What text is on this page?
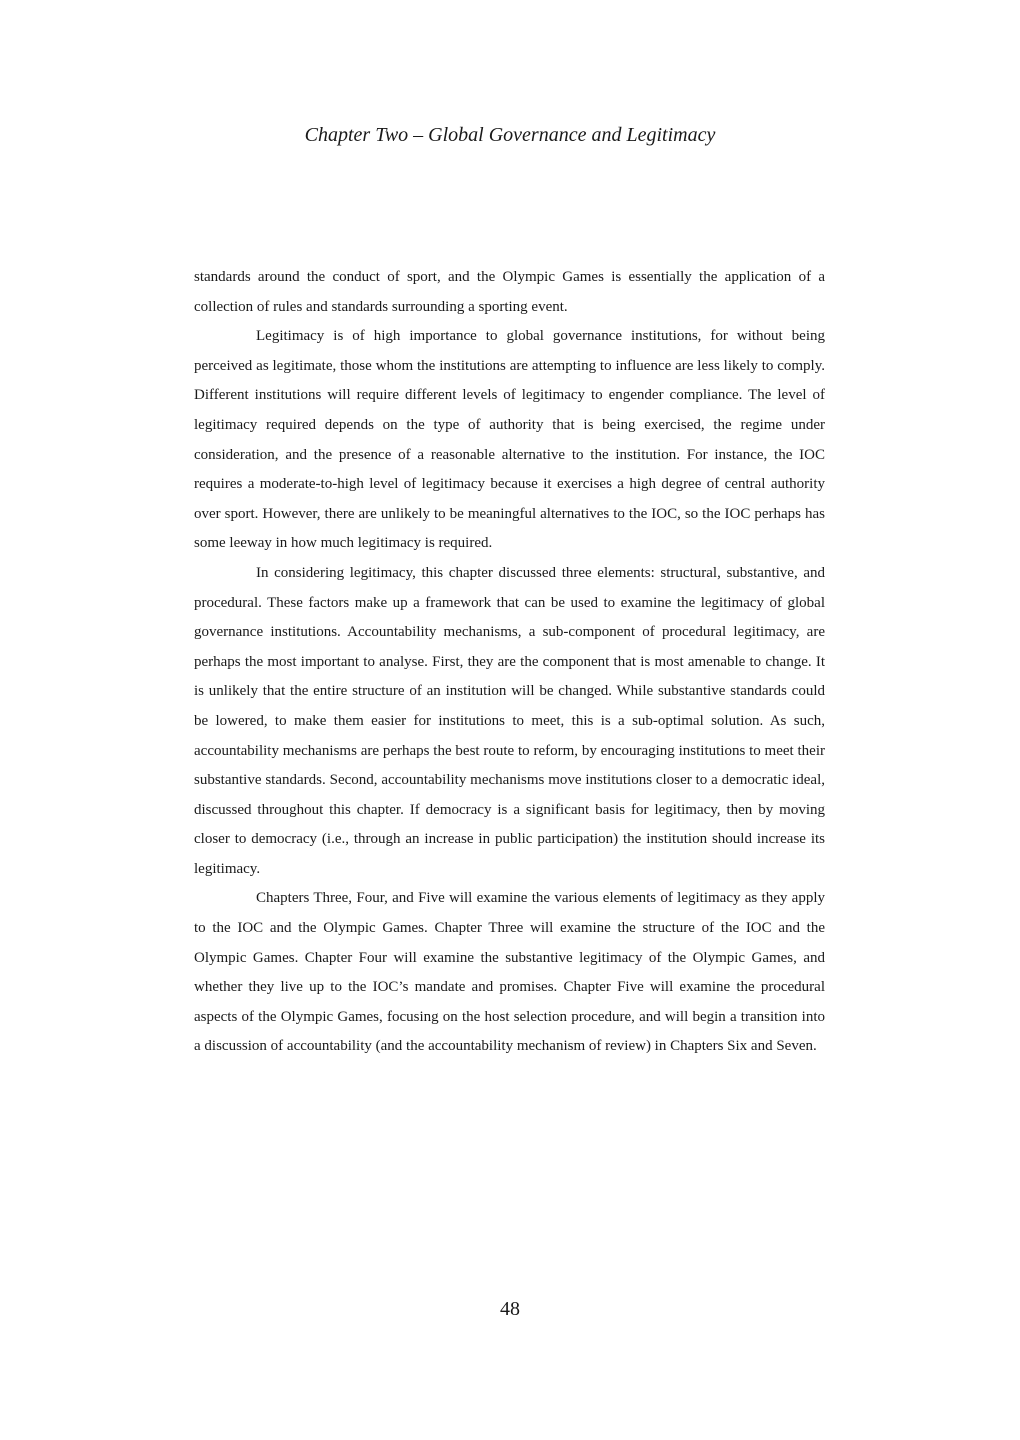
Chapter Two – Global Governance and Legitimacy

standards around the conduct of sport, and the Olympic Games is essentially the application of a collection of rules and standards surrounding a sporting event.

Legitimacy is of high importance to global governance institutions, for without being perceived as legitimate, those whom the institutions are attempting to influence are less likely to comply. Different institutions will require different levels of legitimacy to engender compliance. The level of legitimacy required depends on the type of authority that is being exercised, the regime under consideration, and the presence of a reasonable alternative to the institution. For instance, the IOC requires a moderate-to-high level of legitimacy because it exercises a high degree of central authority over sport. However, there are unlikely to be meaningful alternatives to the IOC, so the IOC perhaps has some leeway in how much legitimacy is required.

In considering legitimacy, this chapter discussed three elements: structural, substantive, and procedural. These factors make up a framework that can be used to examine the legitimacy of global governance institutions. Accountability mechanisms, a sub-component of procedural legitimacy, are perhaps the most important to analyse. First, they are the component that is most amenable to change. It is unlikely that the entire structure of an institution will be changed. While substantive standards could be lowered, to make them easier for institutions to meet, this is a sub-optimal solution. As such, accountability mechanisms are perhaps the best route to reform, by encouraging institutions to meet their substantive standards. Second, accountability mechanisms move institutions closer to a democratic ideal, discussed throughout this chapter. If democracy is a significant basis for legitimacy, then by moving closer to democracy (i.e., through an increase in public participation) the institution should increase its legitimacy.

Chapters Three, Four, and Five will examine the various elements of legitimacy as they apply to the IOC and the Olympic Games. Chapter Three will examine the structure of the IOC and the Olympic Games. Chapter Four will examine the substantive legitimacy of the Olympic Games, and whether they live up to the IOC’s mandate and promises. Chapter Five will examine the procedural aspects of the Olympic Games, focusing on the host selection procedure, and will begin a transition into a discussion of accountability (and the accountability mechanism of review) in Chapters Six and Seven.

48
